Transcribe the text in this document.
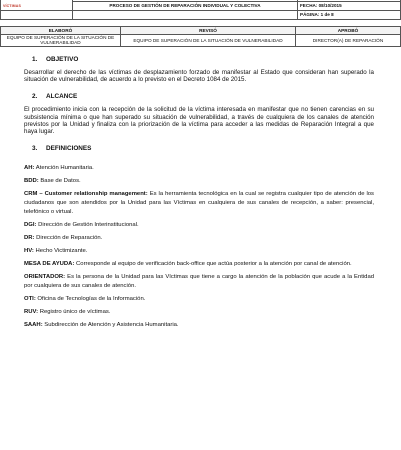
VÍCTIMAS	

	PROCESO DE GESTIÓN DE REPARACIÓN INDIVIDUAL Y COLECTIVA	FECHA: 08/10/2015
		PÁGINA: 1 de 8
ELABORÓ	REVISÓ	APROBÓ
EQUIPO DE SUPERACIÓN DE LA SITUACIÓN DE VULNERABILIDAD	EQUIPO DE SUPERACIÓN DE LA SITUACIÓN DE VULNERABILIDAD	DIRECTOR(A) DE REPARACIÓN
1. OBJETIVO

Desarrollar el derecho de las víctimas de desplazamiento forzado de manifestar al Estado que consideran han superado la situación de vulnerabilidad, de acuerdo a lo previsto en el Decreto 1084 de 2015.

2. ALCANCE

El procedimiento inicia con la recepción de la solicitud de la víctima interesada en manifestar que no tienen carencias en su subsistencia mínima o que han superado su situación de vulnerabilidad, a través de cualquiera de los canales de atención previstos por la Unidad y finaliza con la priorización de la víctima para acceder a las medidas de Reparación Integral a que haya lugar.

3. DEFINICIONES

AH: Atención Humanitaria.

BDD: Base de Datos.

CRM – Customer relationship management: Es la herramienta tecnológica en la cual se registra cualquier tipo de atención de los ciudadanos que son atendidos por la Unidad para las Víctimas en cualquiera de sus canales de recepción, a saber: presencial, telefónico o virtual.

DGI: Dirección de Gestión Interinstitucional.

DR: Dirección de Reparación.

HV: Hecho Victimizante.

MESA DE AYUDA: Corresponde al equipo de verificación back-office que actúa posterior a la atención por canal de atención.

ORIENTADOR: Es la persona de la Unidad para las Víctimas que tiene a cargo la atención de la población que acude a la Entidad por cualquiera de sus canales de atención.

OTI: Oficina de Tecnologías de la Información.

RUV: Registro único de víctimas.

SAAH: Subdirección de Atención y Asistencia Humanitaria.
